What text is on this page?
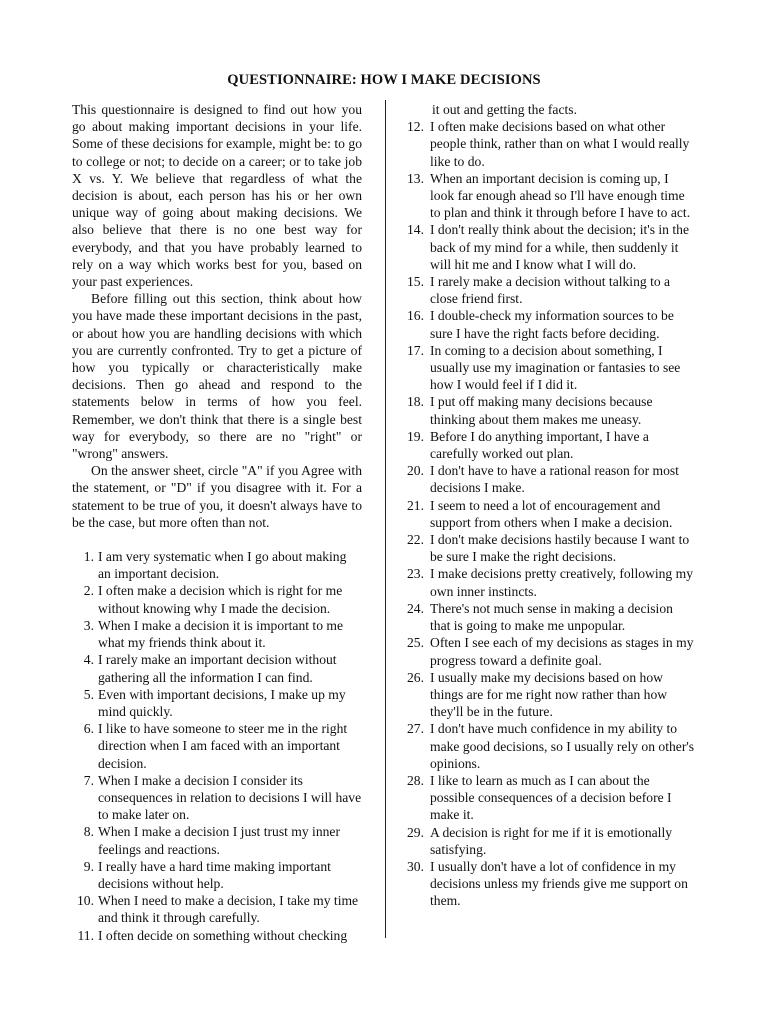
QUESTIONNAIRE: HOW I MAKE DECISIONS

This questionnaire is designed to find out how you go about making important decisions in your life. Some of these decisions for example, might be: to go to college or not; to decide on a career; or to take job X vs. Y. We believe that regardless of what the decision is about, each person has his or her own unique way of going about making decisions. We also believe that there is no one best way for everybody, and that you have probably learned to rely on a way which works best for you, based on your past experiences.

Before filling out this section, think about how you have made these important decisions in the past, or about how you are handling decisions with which you are currently confronted. Try to get a picture of how you typically or characteristically make decisions. Then go ahead and respond to the statements below in terms of how you feel. Remember, we don't think that there is a single best way for everybody, so there are no "right" or "wrong" answers.

On the answer sheet, circle "A" if you Agree with the statement, or "D" if you disagree with it. For a statement to be true of you, it doesn't always have to be the case, but more often than not.

1. I am very systematic when I go about making an important decision.
2. I often make a decision which is right for me without knowing why I made the decision.
3. When I make a decision it is important to me what my friends think about it.
4. I rarely make an important decision without gathering all the information I can find.
5. Even with important decisions, I make up my mind quickly.
6. I like to have someone to steer me in the right direction when I am faced with an important decision.
7. When I make a decision I consider its consequences in relation to decisions I will have to make later on.
8. When I make a decision I just trust my inner feelings and reactions.
9. I really have a hard time making important decisions without help.
10. When I need to make a decision, I take my time and think it through carefully.
11. I often decide on something without checking
it out and getting the facts.
12. I often make decisions based on what other people think, rather than on what I would really like to do.
13. When an important decision is coming up, I look far enough ahead so I'll have enough time to plan and think it through before I have to act.
14. I don't really think about the decision; it's in the back of my mind for a while, then suddenly it will hit me and I know what I will do.
15. I rarely make a decision without talking to a close friend first.
16. I double-check my information sources to be sure I have the right facts before deciding.
17. In coming to a decision about something, I usually use my imagination or fantasies to see how I would feel if I did it.
18. I put off making many decisions because thinking about them makes me uneasy.
19. Before I do anything important, I have a carefully worked out plan.
20. I don't have to have a rational reason for most decisions I make.
21. I seem to need a lot of encouragement and support from others when I make a decision.
22. I don't make decisions hastily because I want to be sure I make the right decisions.
23. I make decisions pretty creatively, following my own inner instincts.
24. There's not much sense in making a decision that is going to make me unpopular.
25. Often I see each of my decisions as stages in my progress toward a definite goal.
26. I usually make my decisions based on how things are for me right now rather than how they'll be in the future.
27. I don't have much confidence in my ability to make good decisions, so I usually rely on other's opinions.
28. I like to learn as much as I can about the possible consequences of a decision before I make it.
29. A decision is right for me if it is emotionally satisfying.
30. I usually don't have a lot of confidence in my decisions unless my friends give me support on them.
